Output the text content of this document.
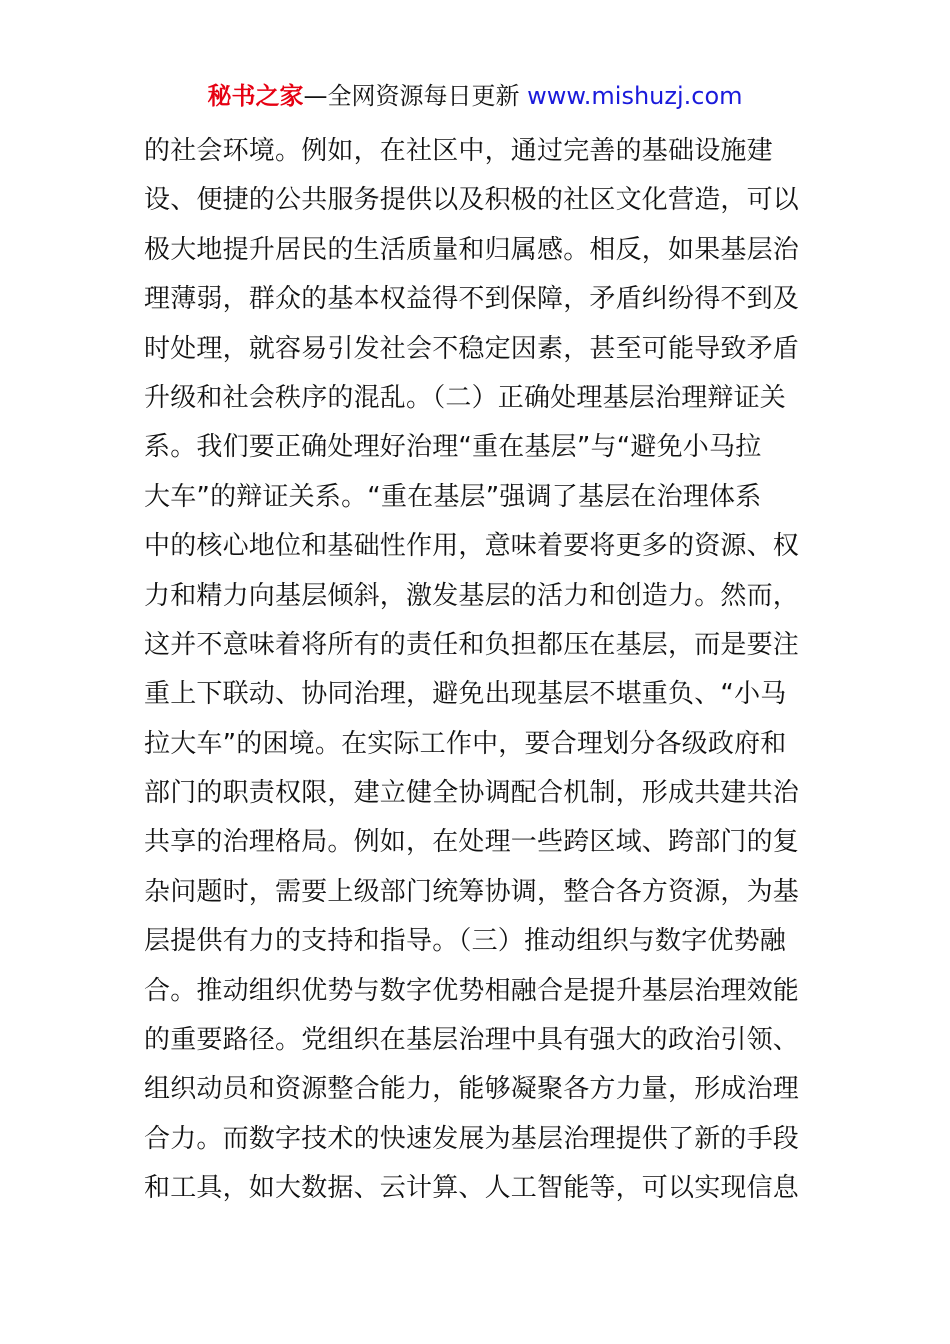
秘书之家—全网资源每日更新 www.mishuzj.com
的社会环境。例如，在社区中，通过完善的基础设施建
设、便捷的公共服务提供以及积极的社区文化营造，可以
极大地提升居民的生活质量和归属感。相反，如果基层治
理薄弱，群众的基本权益得不到保障，矛盾纠纷得不到及
时处理，就容易引发社会不稳定因素，甚至可能导致矛盾
升级和社会秩序的混乱。（二）正确处理基层治理辩证关
系。我们要正确处理好治理“重在基层”与“避免小马拉
大车”的辩证关系。“重在基层”强调了基层在治理体系
中的核心地位和基础性作用，意味着要将更多的资源、权
力和精力向基层倾斜，激发基层的活力和创造力。然而，
这并不意味着将所有的责任和负担都压在基层，而是要注
重上下联动、协同治理，避免出现基层不堪重负、“小马
拉大车”的困境。在实际工作中，要合理划分各级政府和
部门的职责权限，建立健全协调配合机制，形成共建共治
共享的治理格局。例如，在处理一些跨区域、跨部门的复
杂问题时，需要上级部门统筹协调，整合各方资源，为基
层提供有力的支持和指导。（三）推动组织与数字优势融
合。推动组织优势与数字优势相融合是提升基层治理效能
的重要路径。党组织在基层治理中具有强大的政治引领、
组织动员和资源整合能力，能够凝聚各方力量，形成治理
合力。而数字技术的快速发展为基层治理提供了新的手段
和工具，如大数据、云计算、人工智能等，可以实现信息
